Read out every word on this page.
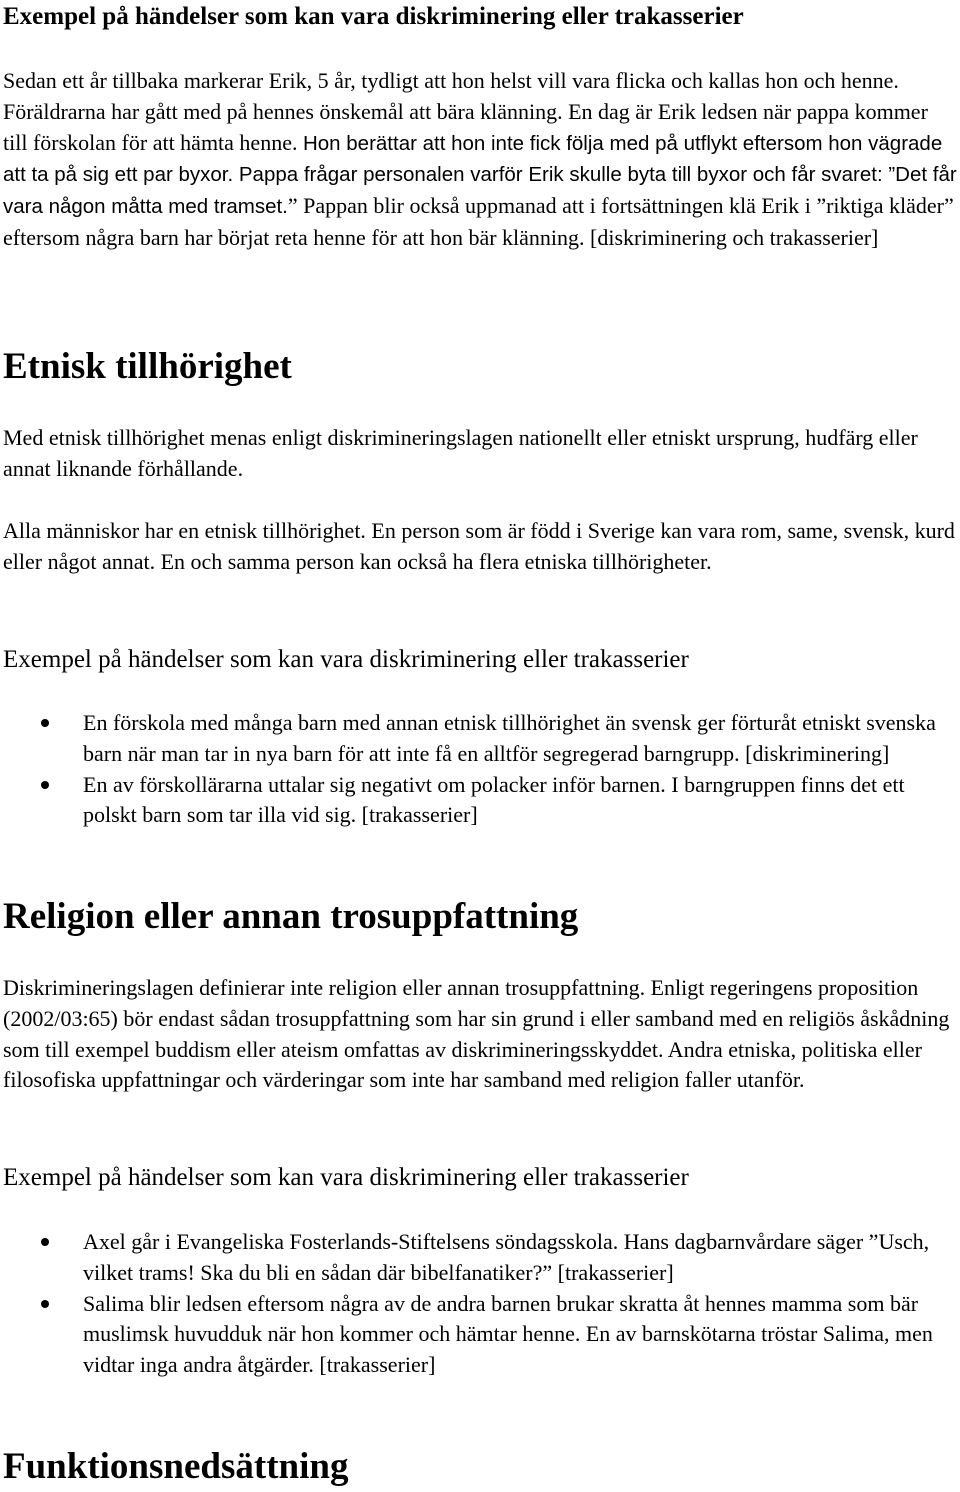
Exempel på händelser som kan vara diskriminering eller trakasserier
Sedan ett år tillbaka markerar Erik, 5 år, tydligt att hon helst vill vara flicka och kallas hon och henne. Föräldrarna har gått med på hennes önskemål att bära klänning. En dag är Erik ledsen när pappa kommer till förskolan för att hämta henne. Hon berättar att hon inte fick följa med på utflykt eftersom hon vägrade att ta på sig ett par byxor. Pappa frågar personalen varför Erik skulle byta till byxor och får svaret: ”Det får vara någon måtta med tramset.” Pappan blir också uppmanad att i fortsättningen klä Erik i ”riktiga kläder” eftersom några barn har börjat reta henne för att hon bär klänning. [diskriminering och trakasserier]
Etnisk tillhörighet
Med etnisk tillhörighet menas enligt diskrimineringslagen nationellt eller etniskt ursprung, hudfärg eller annat liknande förhållande.
Alla människor har en etnisk tillhörighet. En person som är född i Sverige kan vara rom, same, svensk, kurd eller något annat. En och samma person kan också ha flera etniska tillhörigheter.
Exempel på händelser som kan vara diskriminering eller trakasserier
En förskola med många barn med annan etnisk tillhörighet än svensk ger förturåt etniskt svenska barn när man tar in nya barn för att inte få en alltför segregerad barngrupp. [diskriminering]
En av förskollärarna uttalar sig negativt om polacker inför barnen. I barngruppen finns det ett polskt barn som tar illa vid sig. [trakasserier]
Religion eller annan trosuppfattning
Diskrimineringslagen definierar inte religion eller annan trosuppfattning. Enligt regeringens proposition (2002/03:65) bör endast sådan trosuppfattning som har sin grund i eller samband med en religiös åskådning som till exempel buddism eller ateism omfattas av diskrimineringsskyddet. Andra etniska, politiska eller filosofiska uppfattningar och värderingar som inte har samband med religion faller utanför.
Exempel på händelser som kan vara diskriminering eller trakasserier
Axel går i Evangeliska Fosterlands-Stiftelsens söndagsskola. Hans dagbarnvårdare säger ”Usch, vilket trams! Ska du bli en sådan där bibelfanatiker?” [trakasserier]
Salima blir ledsen eftersom några av de andra barnen brukar skratta åt hennes mamma som bär muslimsk huvudduk när hon kommer och hämtar henne. En av barnskötarna tröstar Salima, men vidtar inga andra åtgärder. [trakasserier]
Funktionsnedsättning
